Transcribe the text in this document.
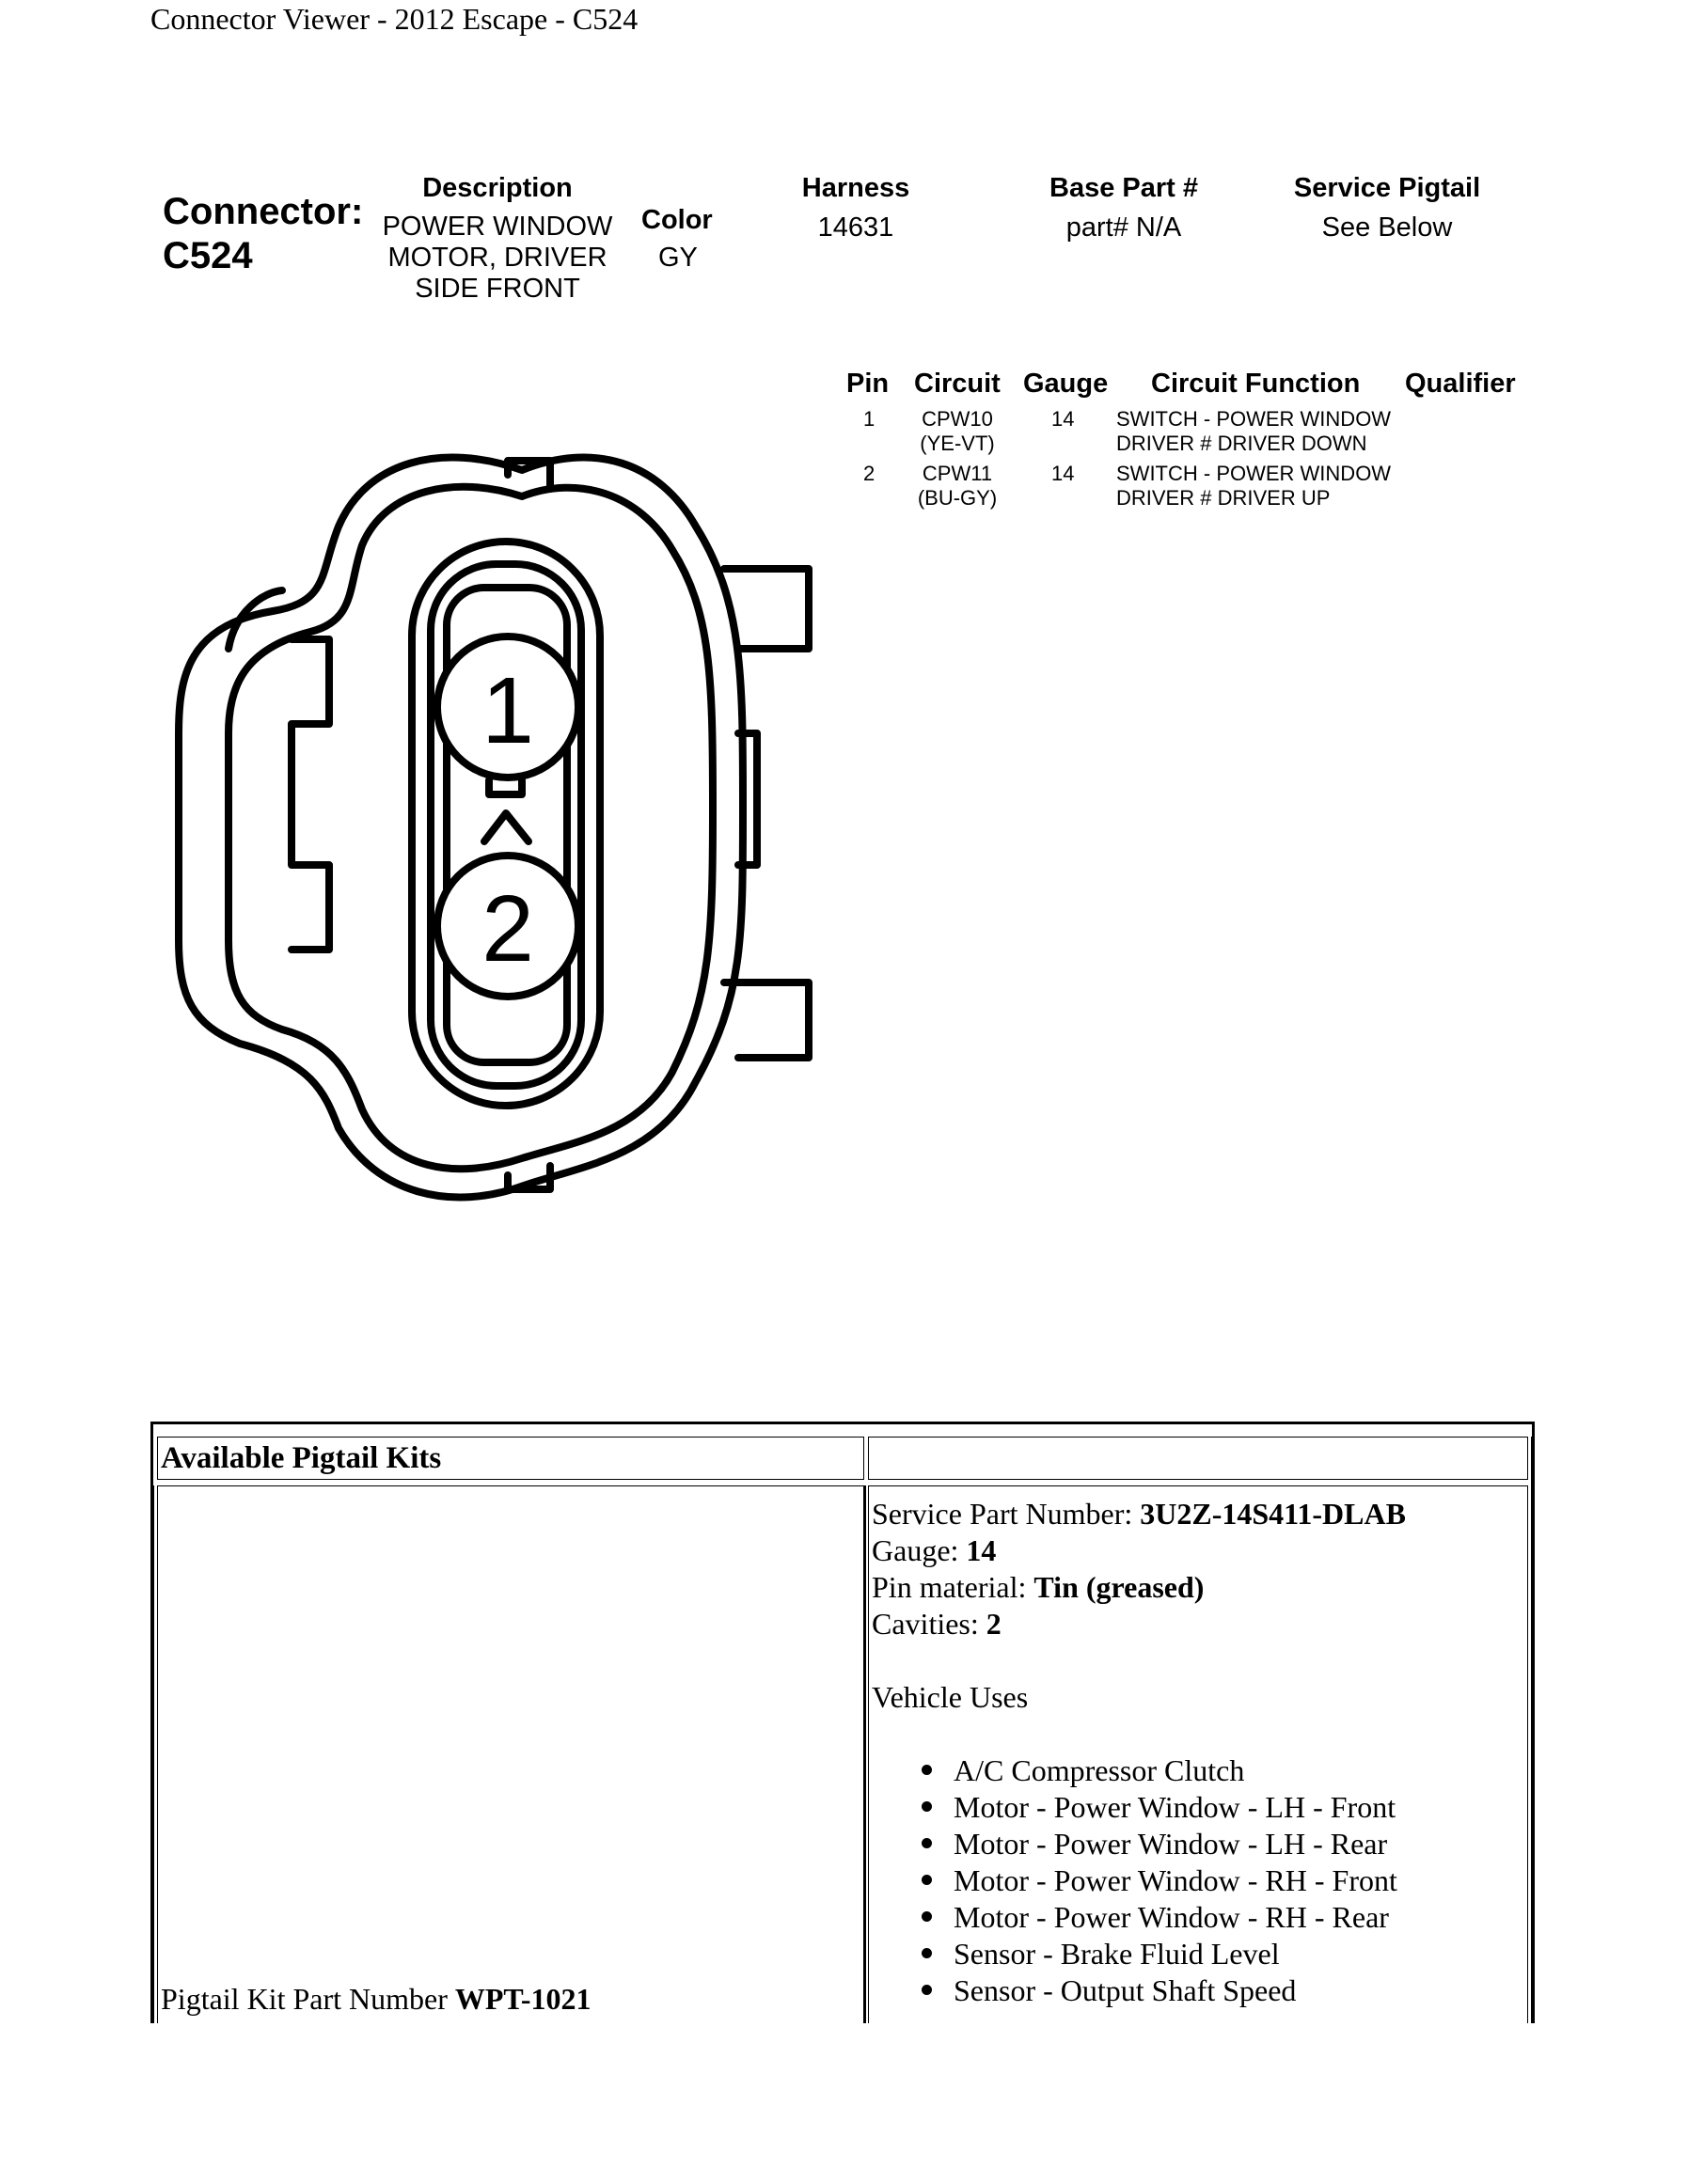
Connector Viewer - 2012 Escape - C524
Connector:
C524
Description
POWER WINDOW
MOTOR, DRIVER
SIDE FRONT
Color
GY
Harness
14631
Base Part #
part# N/A
Service Pigtail
See Below
Pin Circuit Gauge Circuit Function Qualifier
1	CPW10
(YE-VT)
14 SWITCH - POWER WINDOW
DRIVER # DRIVER DOWN
2	CPW11
(BU-GY)
14 SWITCH - POWER WINDOW
DRIVER # DRIVER UP
1
2
Available Pigtail Kits
Pigtail Kit Part Number WPT-1021
Service Part Number: 3U2Z-14S411-DLAB
Gauge: 14
Pin material: Tin (greased)
Cavities: 2
Vehicle Uses
A/C Compressor Clutch
Motor - Power Window - LH - Front
Motor - Power Window - LH - Rear
Motor - Power Window - RH - Front
Motor - Power Window - RH - Rear
Sensor - Brake Fluid Level
Sensor - Output Shaft Speed
